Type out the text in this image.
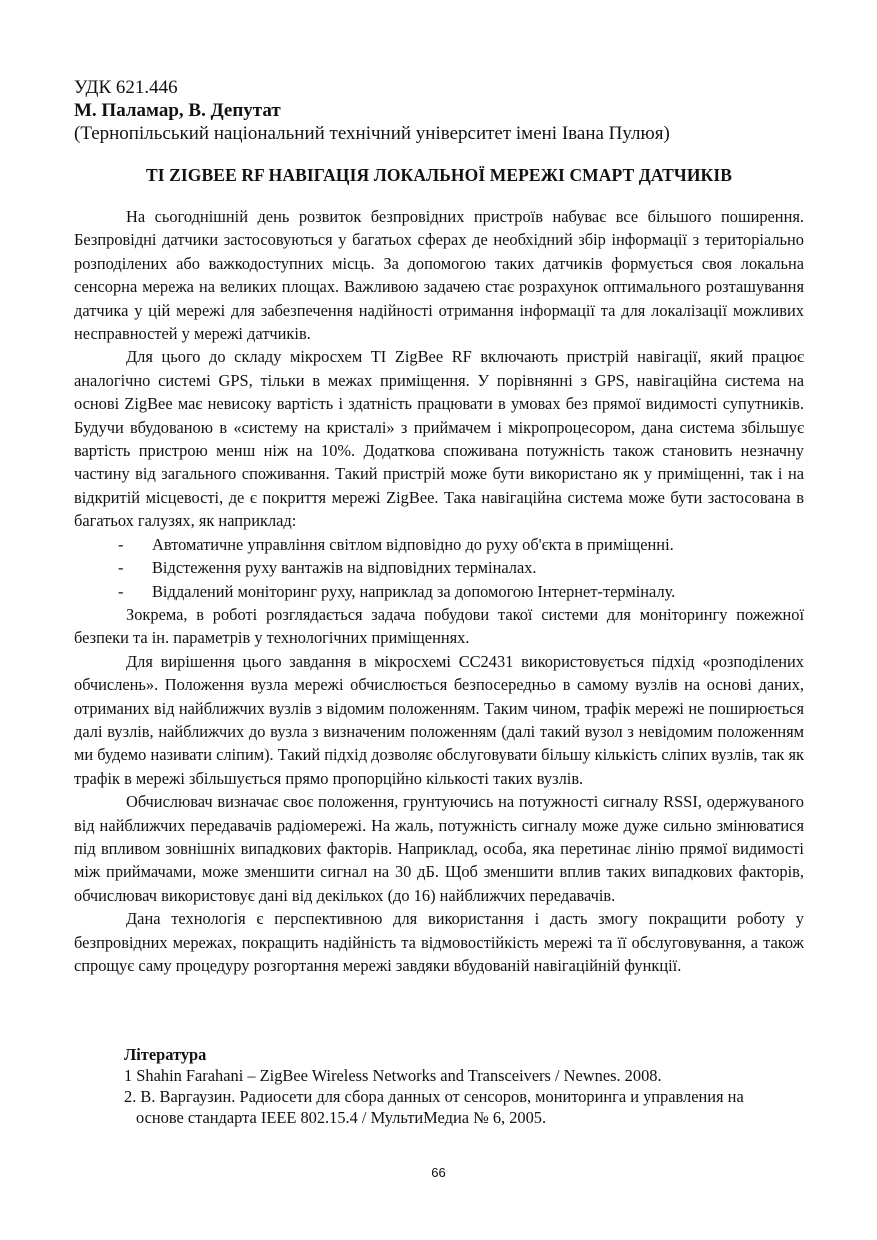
УДК 621.446
М. Паламар, В. Депутат
(Тернопільський національний технічний університет імені Івана Пулюя)
TI ZIGBEE RF НАВІГАЦІЯ ЛОКАЛЬНОЇ МЕРЕЖІ СМАРТ ДАТЧИКІВ

На сьогоднішній день розвиток безпровідних пристроїв набуває все більшого поширення. Безпровідні датчики застосовуються у багатьох сферах де необхідний збір інформації з територіально розподілених або важкодоступних місць. За допомогою таких датчиків формується своя локальна сенсорна мережа на великих площах. Важливою задачею стає розрахунок оптимального розташування датчика у цій мережі для забезпечення надійності отримання інформації та для локалізації можливих несправностей у мережі датчиків.

Для цього до складу мікросхем TI ZigBee RF включають пристрій навігації, який працює аналогічно системі GPS, тільки в межах приміщення. У порівнянні з GPS, навігаційна система на основі ZigBee має невисоку вартість і здатність працювати в умовах без прямої видимості супутників. Будучи вбудованою в «систему на кристалі» з приймачем і мікропроцесором, дана система збільшує вартість пристрою менш ніж на 10%. Додаткова споживана потужність також становить незначну частину від загального споживання. Такий пристрій може бути використано як у приміщенні, так і на відкритій місцевості, де є покриття мережі ZigBee. Така навігаційна система може бути застосована в багатьох галузях, як наприклад:

- Автоматичне управління світлом відповідно до руху об'єкта в приміщенні.
- Відстеження руху вантажів на відповідних терміналах.
- Віддалений моніторинг руху, наприклад за допомогою Інтернет-терміналу.

Зокрема, в роботі розглядається задача побудови такої системи для моніторингу пожежної безпеки та ін. параметрів у технологічних приміщеннях.

Для вирішення цього завдання в мікросхемі CC2431 використовується підхід «розподілених обчислень». Положення вузла мережі обчислюється безпосередньо в самому вузлів на основі даних, отриманих від найближчих вузлів з відомим положенням. Таким чином, трафік мережі не поширюється далі вузлів, найближчих до вузла з визначеним положенням (далі такий вузол з невідомим положенням ми будемо називати сліпим). Такий підхід дозволяє обслуговувати більшу кількість сліпих вузлів, так як трафік в мережі збільшується прямо пропорційно кількості таких вузлів.

Обчислювач визначає своє положення, грунтуючись на потужності сигналу RSSI, одержуваного від найближчих передавачів радіомережі. На жаль, потужність сигналу може дуже сильно змінюватися під впливом зовнішніх випадкових факторів. Наприклад, особа, яка перетинає лінію прямої видимості між приймачами, може зменшити сигнал на 30 дБ. Щоб зменшити вплив таких випадкових факторів, обчислювач використовує дані від декількох (до 16) найближчих передавачів.

Дана технологія є перспективною для використання і дасть змогу покращити роботу у безпровідних мережах, покращить надійність та відмовостійкість мережі та її обслуговування, а також спрощує саму процедуру розгортання мережі завдяки вбудованій навігаційній функції.

Література
1 Shahin Farahani – ZigBee Wireless Networks and Transceivers / Newnes. 2008.
2. В. Варгаузин. Радиосети для сбора данных от сенсоров, мониторинга и управления на
основе стандарта IEEE 802.15.4 / МультиМедиа № 6, 2005.
66
